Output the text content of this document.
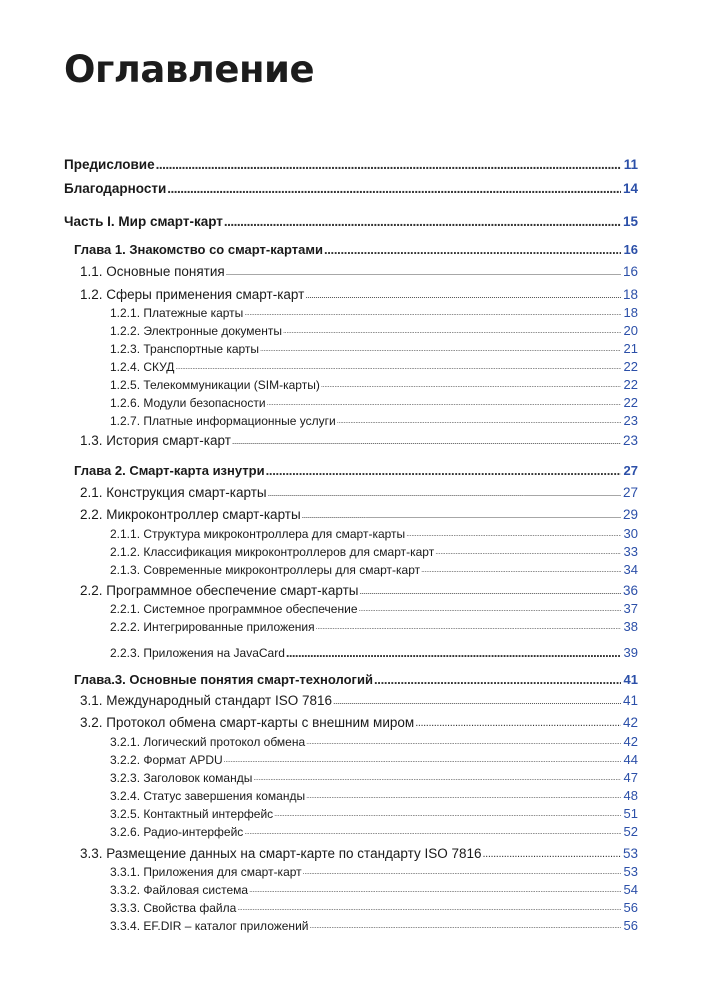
Оглавление
Предисловие .....	11
Благодарности .....	14
Часть I. Мир смарт-карт .....	15
Глава 1. Знакомство со смарт-картами .....	16
1.1. Основные понятия .....	16
1.2. Сферы применения смарт-карт .....	18
1.2.1. Платежные карты .....	18
1.2.2. Электронные документы .....	20
1.2.3. Транспортные карты .....	21
1.2.4. СКУД .....	22
1.2.5. Телекоммуникации (SIM-карты) .....	22
1.2.6. Модули безопасности .....	22
1.2.7. Платные информационные услуги .....	23
1.3. История смарт-карт .....	23
Глава 2. Смарт-карта изнутри .....	27
2.1. Конструкция смарт-карты .....	27
2.2. Микроконтроллер смарт-карты .....	29
2.1.1. Структура микроконтроллера для смарт-карты .....	30
2.1.2. Классификация микроконтроллеров для смарт-карт .....	33
2.1.3. Современные микроконтроллеры для смарт-карт .....	34
2.2. Программное обеспечение смарт-карты .....	36
2.2.1. Системное программное обеспечение .....	37
2.2.2. Интегрированные приложения .....	38
2.2.3. Приложения на JavaCard .....	39
Глава.3. Основные понятия смарт-технологий .....	41
3.1. Международный стандарт ISO 7816 .....	41
3.2. Протокол обмена смарт-карты с внешним миром .....	42
3.2.1. Логический протокол обмена .....	42
3.2.2. Формат APDU .....	44
3.2.3. Заголовок команды .....	47
3.2.4. Статус завершения команды .....	48
3.2.5. Контактный интерфейс .....	51
3.2.6. Радио-интерфейс .....	52
3.3. Размещение данных на смарт-карте по стандарту ISO 7816 .....	53
3.3.1. Приложения для смарт-карт .....	53
3.3.2. Файловая система .....	54
3.3.3. Свойства файла .....	56
3.3.4. EF.DIR – каталог приложений .....	56
